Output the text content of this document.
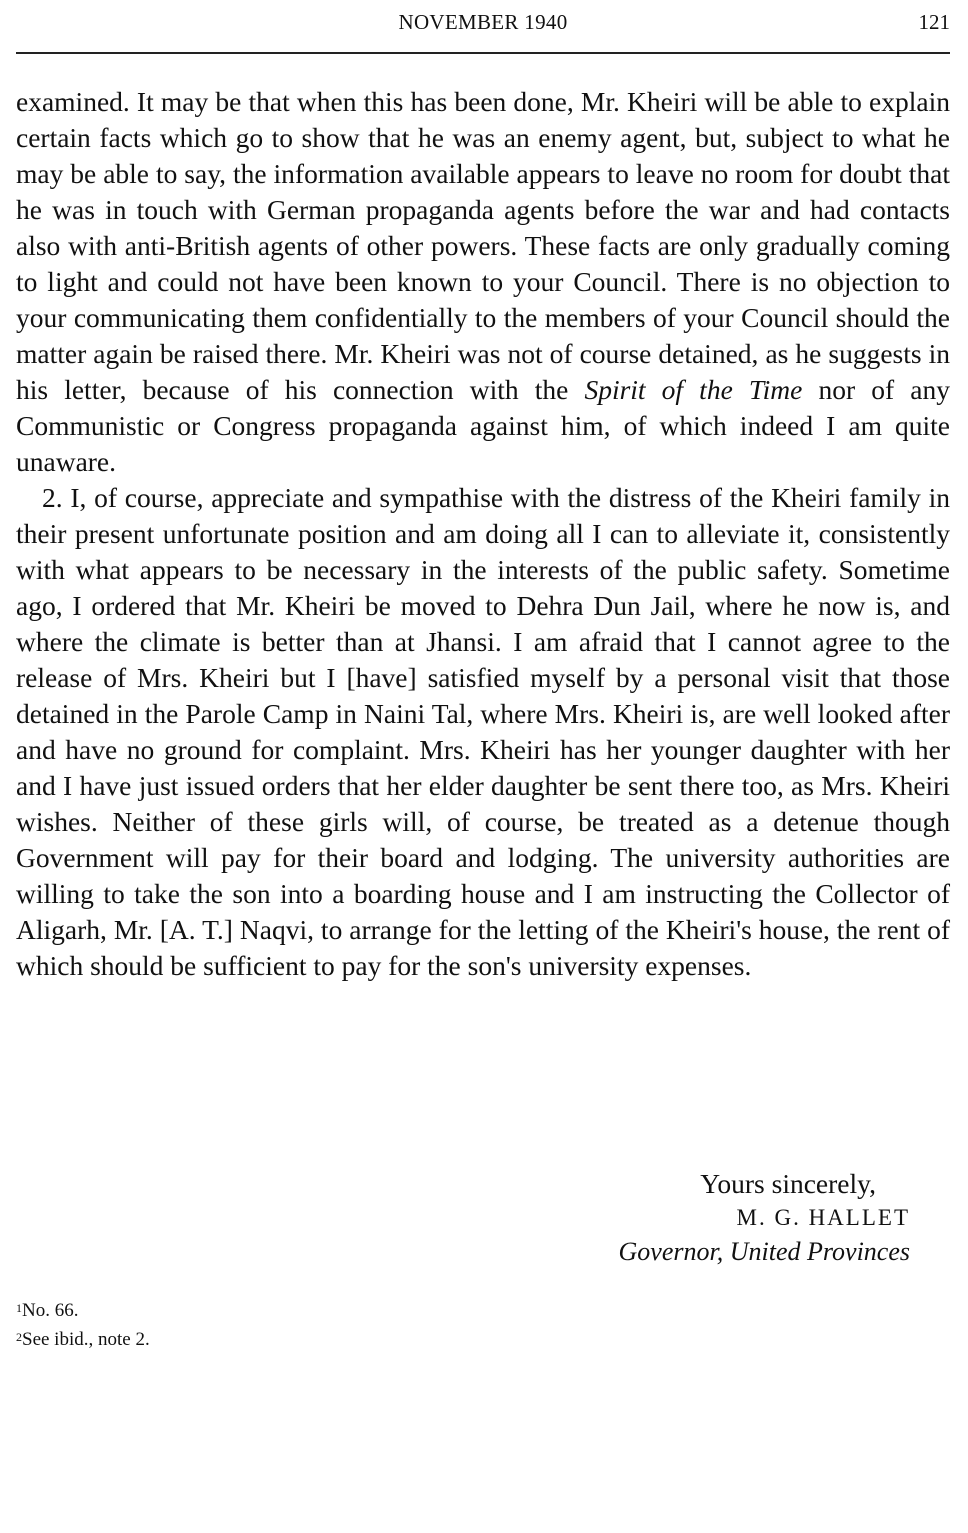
NOVEMBER 1940	121

examined. It may be that when this has been done, Mr. Kheiri will be able to explain certain facts which go to show that he was an enemy agent, but, subject to what he may be able to say, the information available appears to leave no room for doubt that he was in touch with German propaganda agents before the war and had contacts also with anti-British agents of other powers. These facts are only gradually coming to light and could not have been known to your Council. There is no objection to your communicating them confidentially to the members of your Council should the matter again be raised there. Mr. Kheiri was not of course detained, as he suggests in his letter, because of his connection with the Spirit of the Time nor of any Communistic or Congress propaganda against him, of which indeed I am quite unaware.

2. I, of course, appreciate and sympathise with the distress of the Kheiri family in their present unfortunate position and am doing all I can to alleviate it, consistently with what appears to be necessary in the interests of the public safety. Sometime ago, I ordered that Mr. Kheiri be moved to Dehra Dun Jail, where he now is, and where the climate is better than at Jhansi. I am afraid that I cannot agree to the release of Mrs. Kheiri but I [have] satisfied myself by a personal visit that those detained in the Parole Camp in Naini Tal, where Mrs. Kheiri is, are well looked after and have no ground for complaint. Mrs. Kheiri has her younger daughter with her and I have just issued orders that her elder daughter be sent there too, as Mrs. Kheiri wishes. Neither of these girls will, of course, be treated as a detenue though Government will pay for their board and lodging. The university authorities are willing to take the son into a boarding house and I am instructing the Collector of Aligarh, Mr. [A. T.] Naqvi, to arrange for the letting of the Kheiri's house, the rent of which should be sufficient to pay for the son's university expenses.

Yours sincerely,
M. G. HALLET
Governor, United Provinces
$^1$No. 66.
$^2$See ibid., note 2.
